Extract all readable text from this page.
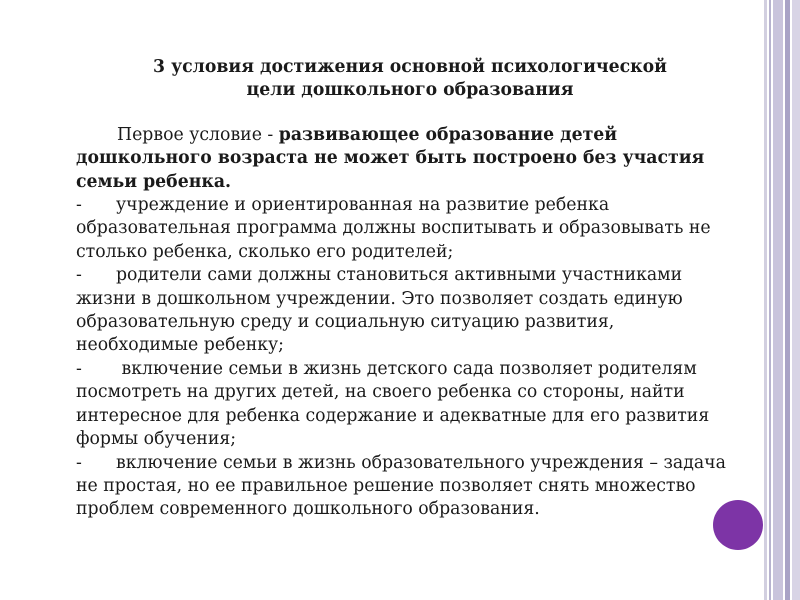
3 условия достижения основной психологической
цели дошкольного образования

Первое условие - развивающее образование детей дошкольного возраста не может быть построено без участия семьи ребенка.

- учреждение и ориентированная на развитие ребенка образовательная программа должны воспитывать и образовывать не столько ребенка, сколько его родителей;

- родители сами должны становиться активными участниками жизни в дошкольном учреждении. Это позволяет создать единую образовательную среду и социальную ситуацию развития, необходимые ребенку;

- включение семьи в жизнь детского сада позволяет родителям посмотреть на других детей, на своего ребенка со стороны, найти интересное для ребенка содержание и адекватные для его развития формы обучения;

- включение семьи в жизнь образовательного учреждения – задача не простая, но ее правильное решение позволяет снять множество проблем современного дошкольного образования.
